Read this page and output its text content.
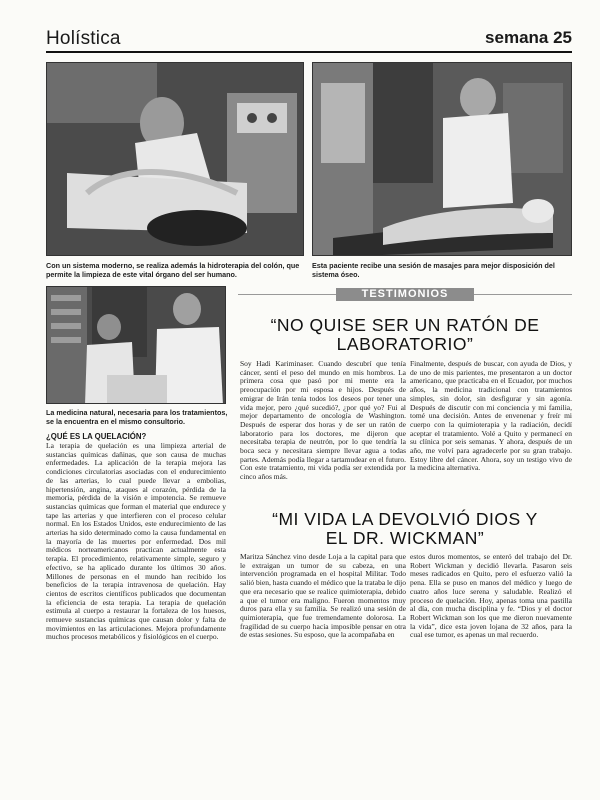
Holística	semana 25
Con un sistema moderno, se realiza además la hidroterapia del colón, que permite la limpieza de este vital órgano del ser humano.
Esta paciente recibe una sesión de masajes para mejor disposición del sistema óseo.
La medicina natural, necesaria para los tratamientos, se la encuentra en el mismo consultorio.
TESTIMONIOS
“NO QUISE SER UN RATÓN DE LABORATORIO”
Soy Hadi Kariminaser. Cuando descubrí que tenía cáncer, sentí el peso del mundo en mis hombros. La primera cosa que pasó por mi mente era la preocupación por mi esposa e hijos. Después de emigrar de Irán tenía todos los deseos por tener una vida mejor, pero ¿qué sucedió?, ¿por qué yo? Fui al mejor departamento de oncología de Washington. Después de esperar dos horas y de ser un ratón de laboratorio para los doctores, me dijeron que necesitaba terapia de neutrón, por lo que tendría la boca seca y necesitara siempre llevar agua a todas partes. Además podía llegar a tartamudear en el futuro. Con este tratamiento, mi vida podía ser extendida por cinco años más.
Finalmente, después de buscar, con ayuda de Dios, y de uno de mis parientes, me presentaron a un doctor americano, que practicaba en el Ecuador, por muchos años, la medicina tradicional con tratamientos simples, sin dolor, sin desfigurar y sin agonía. Después de discutir con mi conciencia y mi familia, tomé una decisión. Antes de envenenar y freír mi cuerpo con la quimioterapia y la radiación, decidí aceptar el tratamiento. Volé a Quito y permanecí en su clínica por seis semanas. Y ahora, después de un año, me volví para agradecerle por su gran trabajo. Estoy libre del cáncer. Ahora, soy un testigo vivo de la medicina alternativa.
“MI VIDA LA DEVOLVIÓ DIOS Y EL DR. WICKMAN”
Maritza Sánchez vino desde Loja a la capital para que le extraigan un tumor de su cabeza, en una intervención programada en el hospital Militar. Todo salió bien, hasta cuando el médico que la trataba le dijo que era necesario que se realice quimioterapia, debido a que el tumor era maligno. Fueron momentos muy duros para ella y su familia. Se realizó una sesión de quimioterapia, que fue tremendamente dolorosa. La fragilidad de su cuerpo hacía imposible pensar en otra de estas sesiones. Su esposo, que la acompañaba en
estos duros momentos, se enteró del trabajo del Dr. Robert Wickman y decidió llevarla. Pasaron seis meses radicados en Quito, pero el esfuerzo valió la pena. Ella se puso en manos del médico y luego de cuatro años luce serena y saludable. Realizó el proceso de quelación. Hoy, apenas toma una pastilla al día, con mucha disciplina y fe. “Dios y el doctor Robert Wickman son los que me dieron nuevamente la vida”, dice esta joven lojana de 32 años, para la cual ese tumor, es apenas un mal recuerdo.
¿QUÉ ES LA QUELACIÓN?
La terapia de quelación es una limpieza arterial de sustancias químicas dañinas, que son causa de muchas enfermedades. La aplicación de la terapia mejora las condiciones circulatorias asociadas con el endurecimiento de las arterias, lo cual puede llevar a embolias, hipertensión, angina, ataques al corazón, pérdida de la memoria, pérdida de la visión e impotencia. Se remueve sustancias químicas que forman el material que endurece y tape las arterias y que interfieren con el proceso celular normal. En los Estados Unidos, este endurecimiento de las arterias ha sido determinado como la causa fundamental en la mayoría de las muertes por enfermedad. Dos mil médicos norteamericanos practican actualmente esta terapia. El procedimiento, relativamente simple, seguro y efectivo, se ha aplicado durante los últimos 30 años. Millones de personas en el mundo han recibido los beneficios de la terapia intravenosa de quelación. Hay cientos de escritos científicos publicados que documentan la eficiencia de esta terapia. La terapia de quelación estimula al cuerpo a restaurar la fortaleza de los huesos, remueve sustancias químicas que causan dolor y falta de movimientos en las articulaciones. Mejora profundamente muchos procesos metabólicos y fisiológicos en el cuerpo.
